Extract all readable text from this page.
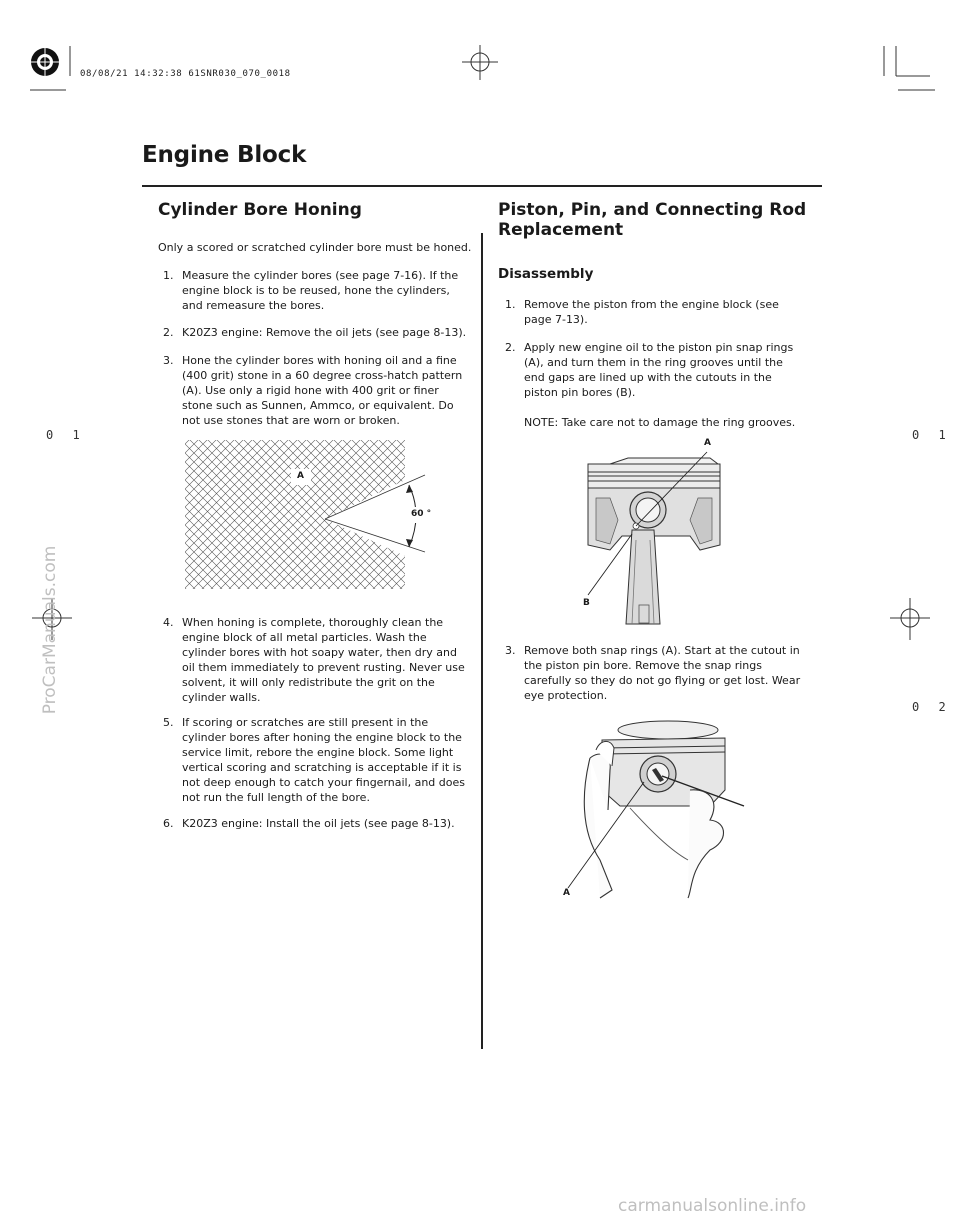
08/08/21 14:32:38 61SNR030_070_0018
Engine Block
0 1	0 1
0 2
Cylinder Bore Honing

Only a scored or scratched cylinder bore must be honed.

1. Measure the cylinder bores (see page 7-16). If the engine block is to be reused, hone the cylinders, and remeasure the bores.
2. K20Z3 engine: Remove the oil jets (see page 8-13).
3. Hone the cylinder bores with honing oil and a fine (400 grit) stone in a 60 degree cross-hatch pattern (A). Use only a rigid hone with 400 grit or finer stone such as Sunnen, Ammco, or equivalent. Do not use stones that are worn or broken.
A
60 °
4. When honing is complete, thoroughly clean the engine block of all metal particles. Wash the cylinder bores with hot soapy water, then dry and oil them immediately to prevent rusting. Never use solvent, it will only redistribute the grit on the cylinder walls.
5. If scoring or scratches are still present in the cylinder bores after honing the engine block to the service limit, rebore the engine block. Some light vertical scoring and scratching is acceptable if it is not deep enough to catch your fingernail, and does not run the full length of the bore.
6. K20Z3 engine: Install the oil jets (see page 8-13).
Piston, Pin, and Connecting Rod
Replacement
Disassembly
1. Remove the piston from the engine block (see page 7-13).
2. Apply new engine oil to the piston pin snap rings (A), and turn them in the ring grooves until the end gaps are lined up with the cutouts in the piston pin bores (B).
NOTE: Take care not to damage the ring grooves.
A
B
3. Remove both snap rings (A). Start at the cutout in the piston pin bore. Remove the snap rings carefully so they do not go flying or get lost. Wear eye protection.
A
ProCarManuals.com
carmanualsonline.info
